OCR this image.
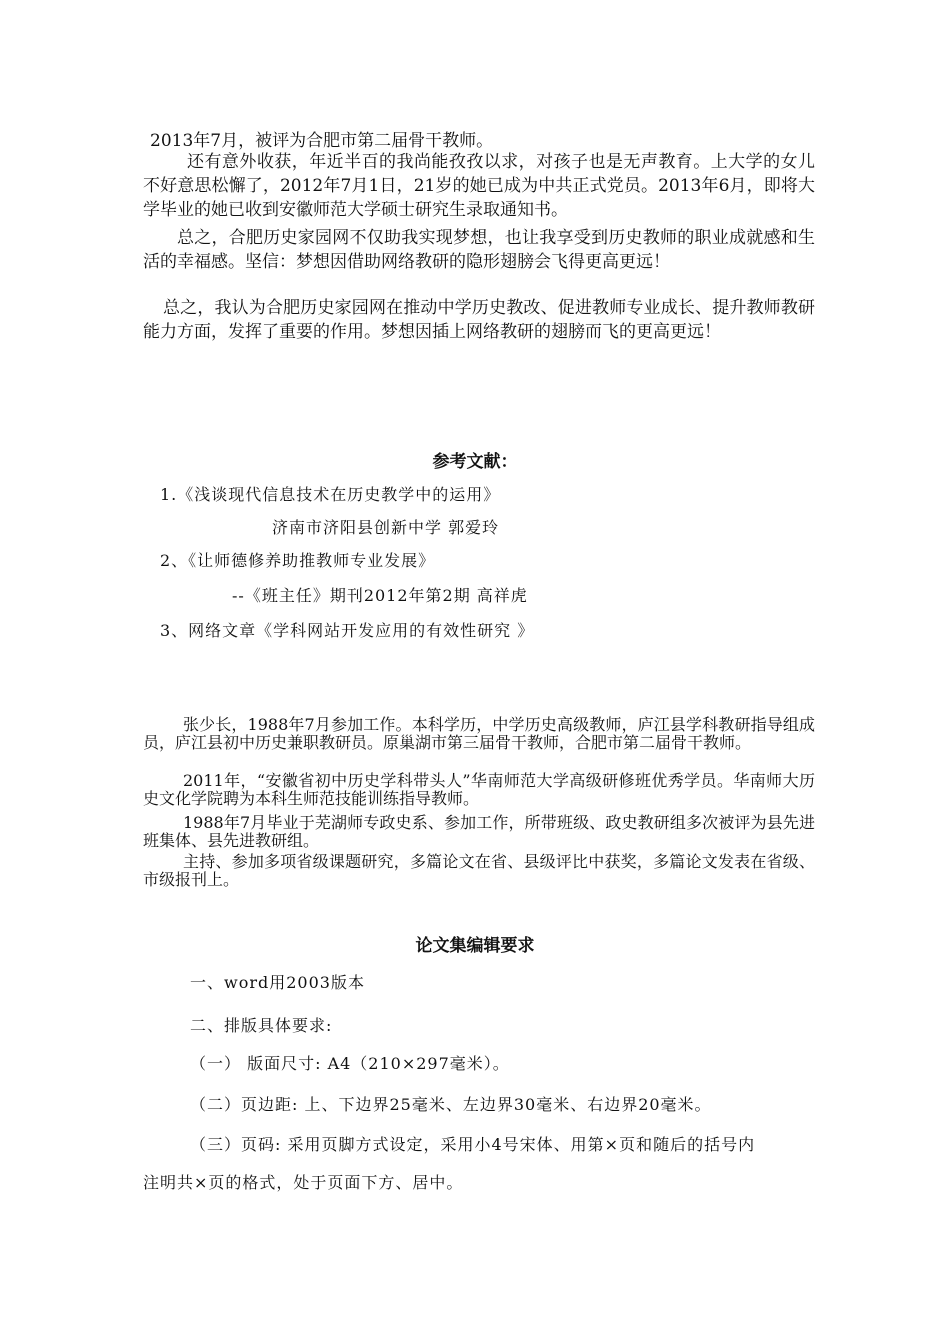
2013年7月，被评为合肥市第二届骨干教师。
还有意外收获，年近半百的我尚能孜孜以求，对孩子也是无声教育。上大学的女儿不好意思松懈了，2012年7月1日，21岁的她已成为中共正式党员。2013年6月，即将大学毕业的她已收到安徽师范大学硕士研究生录取通知书。
总之，合肥历史家园网不仅助我实现梦想，也让我享受到历史教师的职业成就感和生活的幸福感。坚信：梦想因借助网络教研的隐形翅膀会飞得更高更远！
总之，我认为合肥历史家园网在推动中学历史教改、促进教师专业成长、提升教师教研能力方面，发挥了重要的作用。梦想因插上网络教研的翅膀而飞的更高更远！
参考文献：
1.《浅谈现代信息技术在历史教学中的运用》
济南市济阳县创新中学 郭爱玲
2、《让师德修养助推教师专业发展》
--《班主任》期刊2012年第2期 高祥虎
3、网络文章《学科网站开发应用的有效性研究 》
张少长，1988年7月参加工作。本科学历，中学历史高级教师，庐江县学科教研指导组成员，庐江县初中历史兼职教研员。原巢湖市第三届骨干教师，合肥市第二届骨干教师。
2011年，“安徽省初中历史学科带头人”华南师范大学高级研修班优秀学员。华南师大历史文化学院聘为本科生师范技能训练指导教师。
1988年7月毕业于芜湖师专政史系、参加工作，所带班级、政史教研组多次被评为县先进班集体、县先进教研组。
主持、参加多项省级课题研究，多篇论文在省、县级评比中获奖，多篇论文发表在省级、市级报刊上。
论文集编辑要求
一、word用2003版本
二、排版具体要求:
（一） 版面尺寸: A4（210×297毫米）。
（二）页边距: 上、下边界25毫米、左边界30毫米、右边界20毫米。
（三）页码: 采用页脚方式设定，采用小4号宋体、用第×页和随后的括号内
注明共×页的格式，处于页面下方、居中。
